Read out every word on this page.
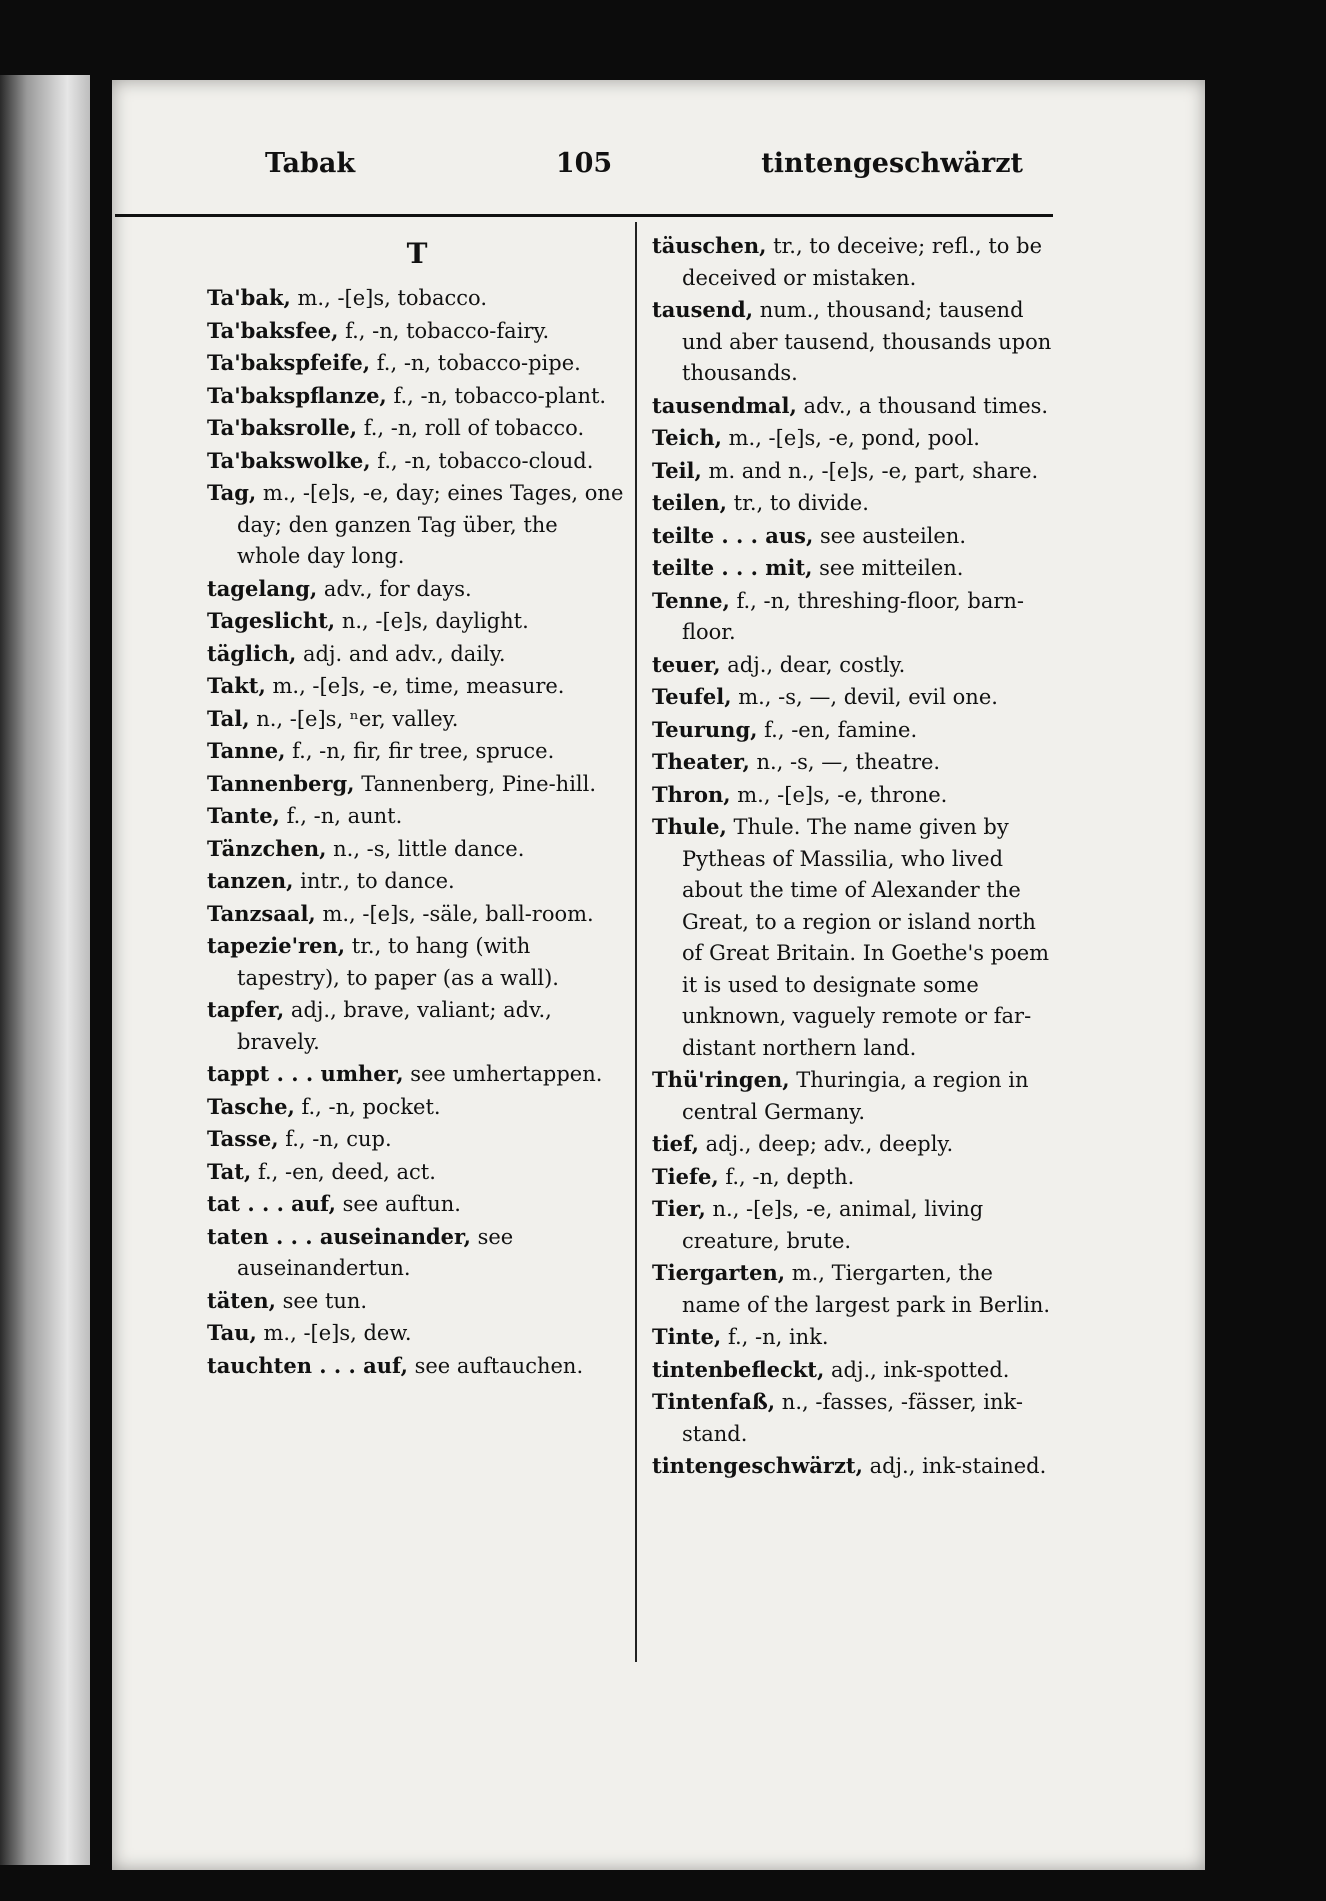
Tabak	105	tintengeschwärzt
T

Ta'bak, m., -[e]s, tobacco.

Ta'baksfee, f., -n, tobacco-fairy.

Ta'bakspfeife, f., -n, tobacco-pipe.

Ta'bakspflanze, f., -n, tobacco-plant.

Ta'baksrolle, f., -n, roll of tobacco.

Ta'bakswolke, f., -n, tobacco-cloud.

Tag, m., -[e]s, -e, day; eines Tages, one day; den ganzen Tag über, the whole day long.

tagelang, adv., for days.

Tageslicht, n., -[e]s, daylight.

täglich, adj. and adv., daily.

Takt, m., -[e]s, -e, time, measure.

Tal, n., -[e]s, ⁿer, valley.

Tanne, f., -n, fir, fir tree, spruce.

Tannenberg, Tannenberg, Pine-hill.

Tante, f., -n, aunt.

Tänzchen, n., -s, little dance.

tanzen, intr., to dance.

Tanzsaal, m., -[e]s, -säle, ball-room.

tapezie'ren, tr., to hang (with tapestry), to paper (as a wall).

tapfer, adj., brave, valiant; adv., bravely.

tappt . . . umher, see umhertappen.

Tasche, f., -n, pocket.

Tasse, f., -n, cup.

Tat, f., -en, deed, act.

tat . . . auf, see auftun.

taten . . . auseinander, see auseinandertun.

täten, see tun.

Tau, m., -[e]s, dew.

tauchten . . . auf, see auftauchen.

täuschen, tr., to deceive; refl., to be deceived or mistaken.

tausend, num., thousand; tausend und aber tausend, thousands upon thousands.

tausendmal, adv., a thousand times.

Teich, m., -[e]s, -e, pond, pool.

Teil, m. and n., -[e]s, -e, part, share.

teilen, tr., to divide.

teilte . . . aus, see austeilen.

teilte . . . mit, see mitteilen.

Tenne, f., -n, threshing-floor, barn-floor.

teuer, adj., dear, costly.

Teufel, m., -s, —, devil, evil one.

Teurung, f., -en, famine.

Theater, n., -s, —, theatre.

Thron, m., -[e]s, -e, throne.

Thule, Thule. The name given by Pytheas of Massilia, who lived about the time of Alexander the Great, to a region or island north of Great Britain. In Goethe's poem it is used to designate some unknown, vaguely remote or far-distant northern land.

Thü'ringen, Thuringia, a region in central Germany.

tief, adj., deep; adv., deeply.

Tiefe, f., -n, depth.

Tier, n., -[e]s, -e, animal, living creature, brute.

Tiergarten, m., Tiergarten, the name of the largest park in Berlin.

Tinte, f., -n, ink.

tintenbefleckt, adj., ink-spotted.

Tintenfaß, n., -fasses, -fässer, ink-stand.

tintengeschwärzt, adj., ink-stained.
